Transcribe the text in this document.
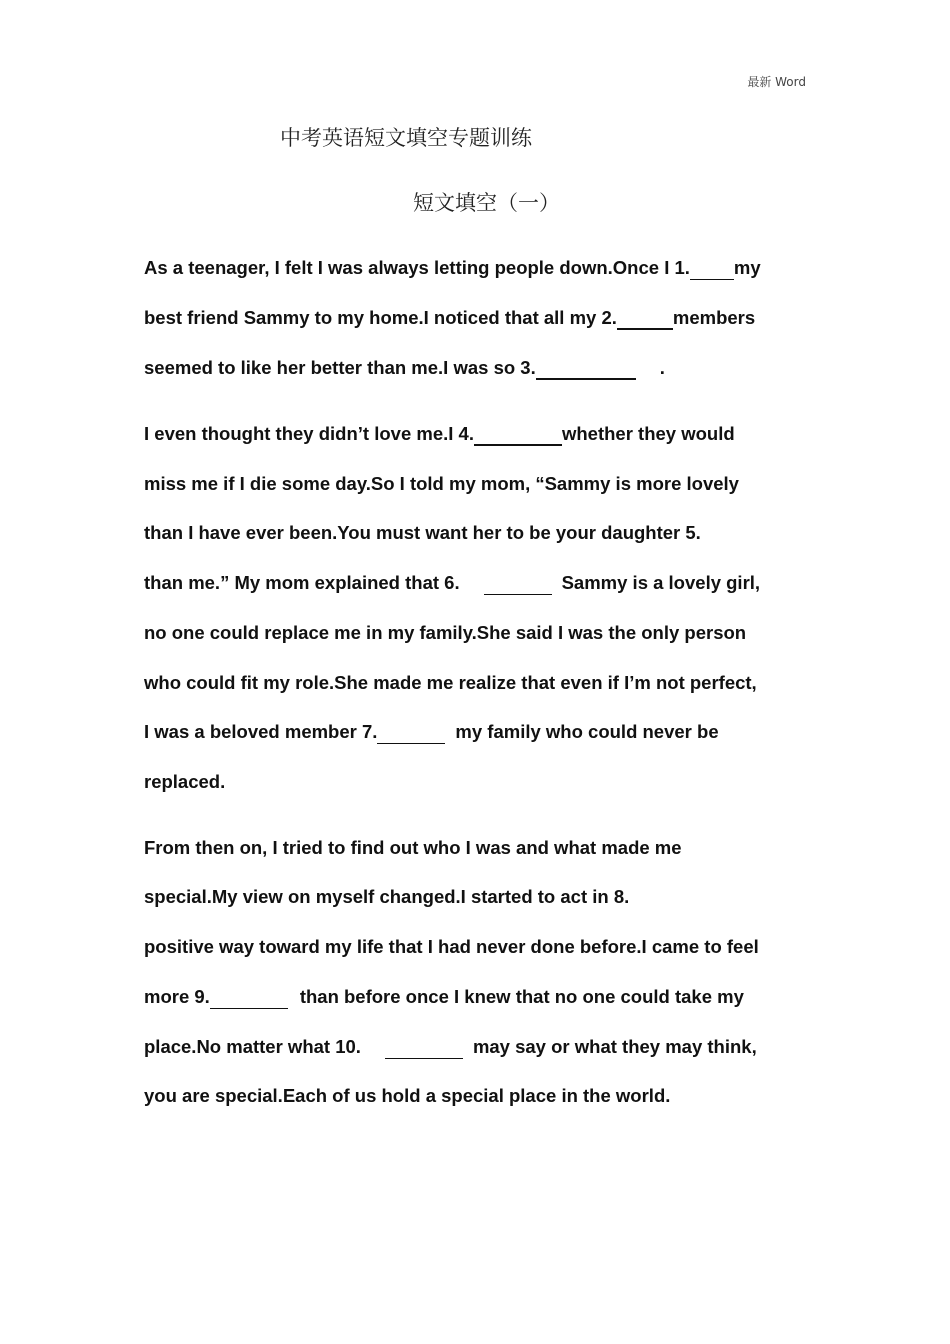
最新 Word
中考英语短文填空专题训练
短文填空（一）
As a teenager, I felt I was always letting people down.Once I 1. my
best friend Sammy to my home.I noticed that all my 2.	members
seemed to like her better than me.I was so 3.	.
I even thought they didn’t love me.I 4.	whether they would
miss me if I die some day.So I told my mom, “Sammy is more lovely
than I have ever been.You must want her to be your daughter 5.
than me.” My mom explained that 6.	Sammy is a lovely girl,
no one could replace me in my family.She said I was the only person
who could fit my role.She made me realize that even if I’m not perfect,
I was a beloved member 7.	my family who could never be
replaced.
From then on, I tried to find out who I was and what made me
special.My view on myself changed.I started to act in 8.
positive way toward my life that I had never done before.I came to feel
more 9.	than before once I knew that no one could take my
place.No matter what 10.	may say or what they may think,
you are special.Each of us hold a special place in the world.
